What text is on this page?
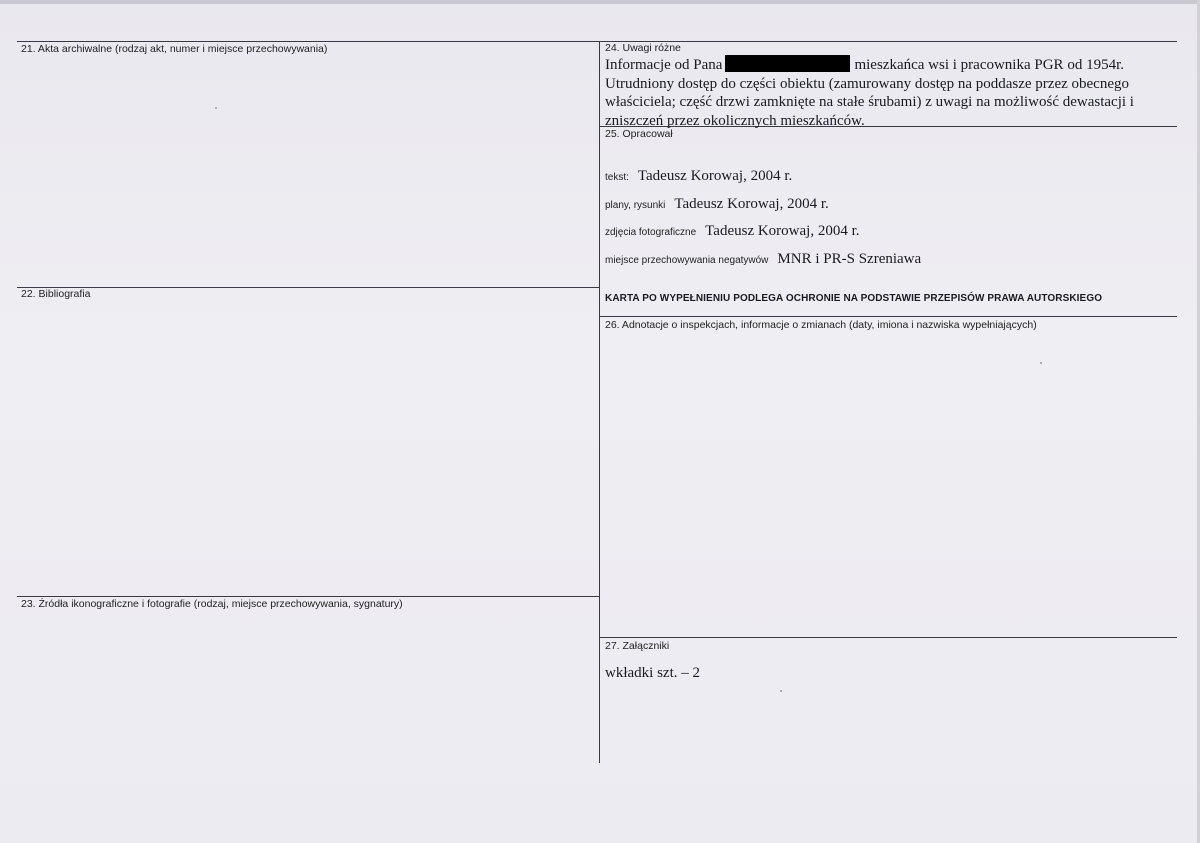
21. Akta archiwalne (rodzaj akt, numer i miejsce przechowywania)
22. Bibliografia
23. Źródła ikonograficzne i fotografie (rodzaj, miejsce przechowywania, sygnatury)
24. Uwagi różne
Informacje od Pana	mieszkańca wsi i pracownika PGR od 1954r.
Utrudniony dostęp do części obiektu (zamurowany dostęp na poddasze przez obecnego
właściciela; część drzwi zamknięte na stałe śrubami) z uwagi na możliwość dewastacji i
zniszczeń przez okolicznych mieszkańców.
25. Opracował
tekst: Tadeusz Korowaj, 2004 r.
plany, rysunki Tadeusz Korowaj, 2004 r.
zdjęcia fotograficzne Tadeusz Korowaj, 2004 r.
miejsce przechowywania negatywów MNR i PR-S Szreniawa
KARTA PO WYPEŁNIENIU PODLEGA OCHRONIE NA PODSTAWIE PRZEPISÓW PRAWA AUTORSKIEGO
26. Adnotacje o inspekcjach, informacje o zmianach (daty, imiona i nazwiska wypełniających)
27. Załączniki
wkładki szt. – 2
